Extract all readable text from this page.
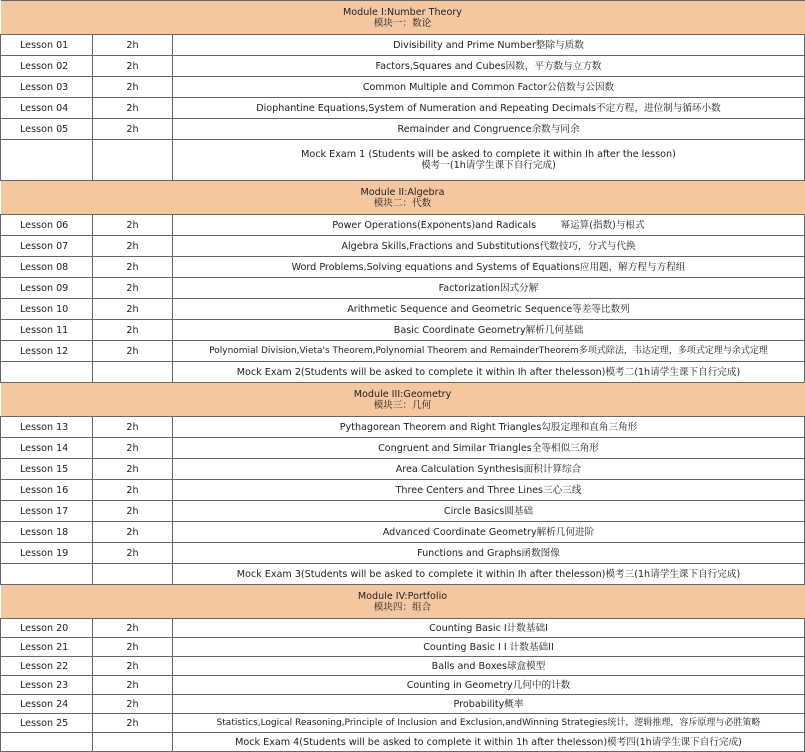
Module I:Number Theory
模块一：数论		

Lesson 01	2h	Divisibility and Prime Number整除与质数
Lesson 02	2h	Factors,Squares and Cubes因数，平方数与立方数
Lesson 03	2h	Common Multiple and Common Factor公倍数与公因数
Lesson 04	2h	Diophantine Equations,System of Numeration and Repeating Decimals不定方程，进位制与循环小数
Lesson 05	2h	Remainder and Congruence余数与同余

		Mock Exam 1 (Students will be asked to complete it within Ih after the lesson)
模考一(1h请学生课下自行完成)

Module II:Algebra
模块二：代数		

Lesson 06	2h	Power Operations(Exponents)and Radicals        幂运算(指数)与根式
Lesson 07	2h	Algebra Skills,Fractions and Substitutions代数技巧，分式与代换
Lesson 08	2h	Word Problems,Solving equations and Systems of Equations应用题，解方程与方程组
Lesson 09	2h	Factorization因式分解
Lesson 10	2h	Arithmetic Sequence and Geometric Sequence等差等比数列
Lesson 11	2h	Basic Coordinate Geometry解析几何基础
Lesson 12	2h	Polynomial Division,Vieta's Theorem,Polynomial Theorem and RemainderTheorem多项式除法，韦达定理，多项式定理与余式定理
		Mock Exam 2(Students will be asked to complete it within Ih after thelesson)模考二(1h请学生课下自行完成)

Module III:Geometry
模块三：几何		

Lesson 13	2h	Pythagorean Theorem and Right Triangles勾股定理和直角三角形
Lesson 14	2h	Congruent and Similar Triangles全等相似三角形
Lesson 15	2h	Area Calculation Synthesis面积计算综合
Lesson 16	2h	Three Centers and Three Lines三心三线
Lesson 17	2h	Circle Basics圆基础
Lesson 18	2h	Advanced Coordinate Geometry解析几何进阶
Lesson 19	2h	Functions and Graphs函数图像
		Mock Exam 3(Students will be asked to complete it within Ih after thelesson)模考三(1h请学生课下自行完成)

Module IV:Portfolio
模块四：组合		

Lesson 20	2h	Counting Basic I计数基础I
Lesson 21	2h	Counting Basic I I 计数基础II
Lesson 22	2h	Balls and Boxes球盒模型
Lesson 23	2h	Counting in Geometry几何中的计数
Lesson 24	2h	Probability概率
Lesson 25	2h	Statistics,Logical Reasoning,Principle of Inclusion and Exclusion,andWinning Strategies统计，逻辑推理，容斥原理与必胜策略
		Mock Exam 4(Students will be asked to complete it within 1h after thelesson)模考四(1h请学生课下自行完成)
